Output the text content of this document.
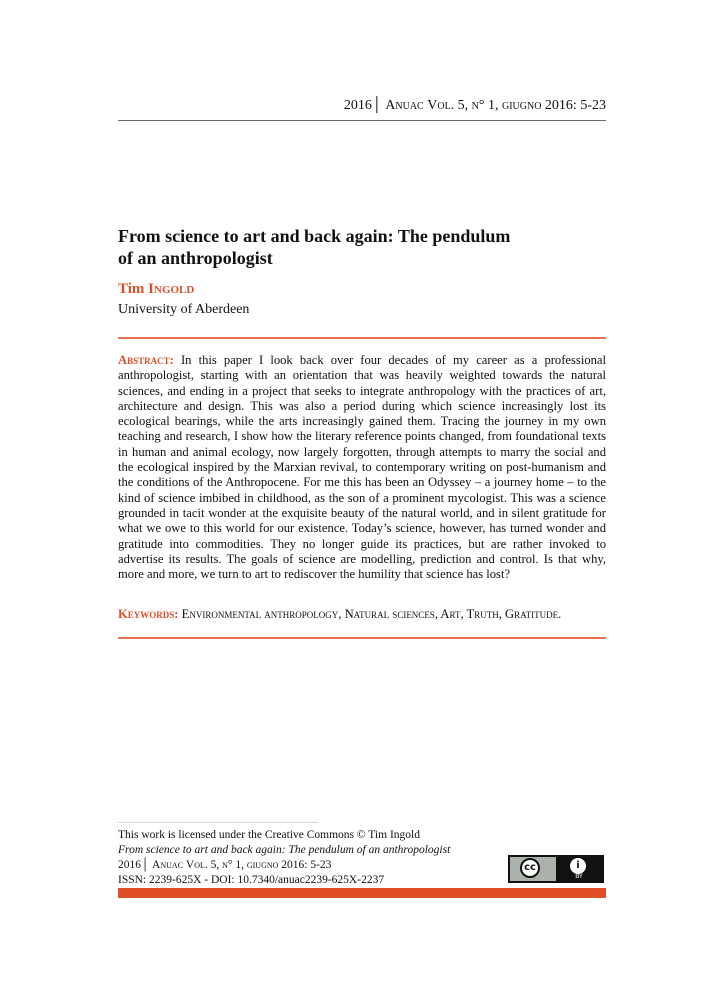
2016│ Anuac Vol. 5, n° 1, giugno 2016: 5-23
From science to art and back again: The pendulum
of an anthropologist
Tim Ingold
University of Aberdeen

Abstract: In this paper I look back over four decades of my career as a professional anthropologist, starting with an orientation that was heavily weighted towards the natural sciences, and ending in a project that seeks to integrate anthropology with the practices of art, architecture and design. This was also a period during which science increasingly lost its ecological bearings, while the arts increasingly gained them. Tracing the journey in my own teaching and research, I show how the literary reference points changed, from foundational texts in human and animal ecology, now largely forgotten, through attempts to marry the social and the ecological inspired by the Marxian revival, to contemporary writing on post-humanism and the conditions of the Anthropocene. For me this has been an Odyssey – a journey home – to the kind of science imbibed in childhood, as the son of a prominent mycologist. This was a science grounded in tacit wonder at the exquisite beauty of the natural world, and in silent gratitude for what we owe to this world for our existence. Today’s science, however, has turned wonder and gratitude into commodities. They no longer guide its practices, but are rather invoked to advertise its results. The goals of science are modelling, prediction and control. Is that why, more and more, we turn to art to rediscover the humility that science has lost?

Keywords: Environmental anthropology, Natural sciences, Art, Truth, Gratitude.

This work is licensed under the Creative Commons © Tim Ingold
From science to art and back again: The pendulum of an anthropologist
2016│ Anuac Vol. 5, n° 1, giugno 2016: 5-23
ISSN: 2239-625X - DOI: 10.7340/anuac2239-625X-2237
cc	i
BY
